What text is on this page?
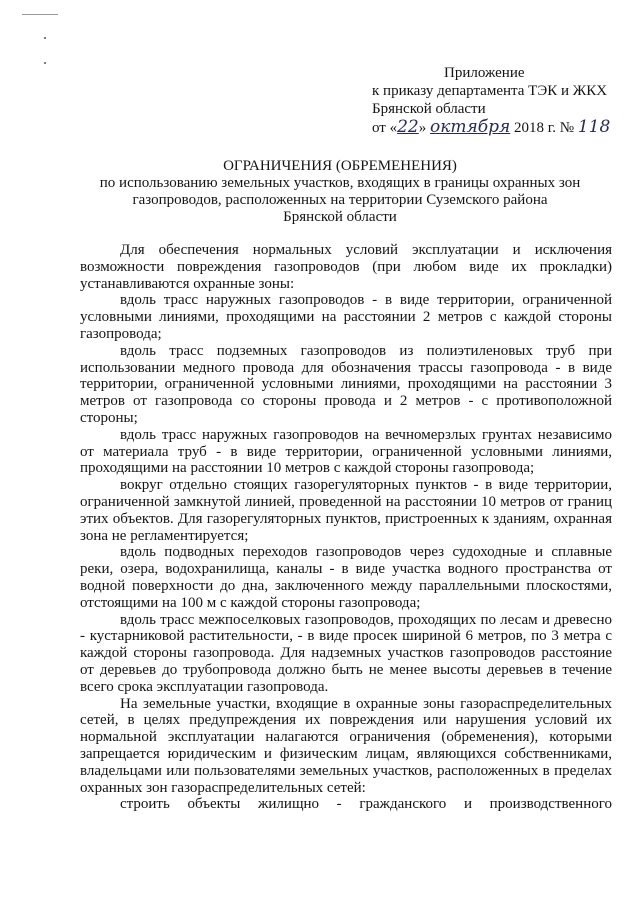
Приложение
к приказу департамента ТЭК и ЖКХ
Брянской области
от «22» октября 2018 г. № 118
ОГРАНИЧЕНИЯ (ОБРЕМЕНЕНИЯ)
по использованию земельных участков, входящих в границы охранных зон
газопроводов, расположенных на территории Суземского района
Брянской области

Для обеспечения нормальных условий эксплуатации и исключения возможности повреждения газопроводов (при любом виде их прокладки) устанавливаются охранные зоны:

вдоль трасс наружных газопроводов - в виде территории, ограниченной условными линиями, проходящими на расстоянии 2 метров с каждой стороны газопровода;

вдоль трасс подземных газопроводов из полиэтиленовых труб при использовании медного провода для обозначения трассы газопровода - в виде территории, ограниченной условными линиями, проходящими на расстоянии 3 метров от газопровода со стороны провода и 2 метров - с противоположной стороны;

вдоль трасс наружных газопроводов на вечномерзлых грунтах независимо от материала труб - в виде территории, ограниченной условными линиями, проходящими на расстоянии 10 метров с каждой стороны газопровода;

вокруг отдельно стоящих газорегуляторных пунктов - в виде территории, ограниченной замкнутой линией, проведенной на расстоянии 10 метров от границ этих объектов. Для газорегуляторных пунктов, пристроенных к зданиям, охранная зона не регламентируется;

вдоль подводных переходов газопроводов через судоходные и сплавные реки, озера, водохранилища, каналы - в виде участка водного пространства от водной поверхности до дна, заключенного между параллельными плоскостями, отстоящими на 100 м с каждой стороны газопровода;

вдоль трасс межпоселковых газопроводов, проходящих по лесам и древесно - кустарниковой растительности, - в виде просек шириной 6 метров, по 3 метра с каждой стороны газопровода. Для надземных участков газопроводов расстояние от деревьев до трубопровода должно быть не менее высоты деревьев в течение всего срока эксплуатации газопровода.

На земельные участки, входящие в охранные зоны газораспределительных сетей, в целях предупреждения их повреждения или нарушения условий их нормальной эксплуатации налагаются ограничения (обременения), которыми запрещается юридическим и физическим лицам, являющихся собственниками, владельцами или пользователями земельных участков, расположенных в пределах охранных зон газораспределительных сетей:

строить объекты жилищно - гражданского и производственного
